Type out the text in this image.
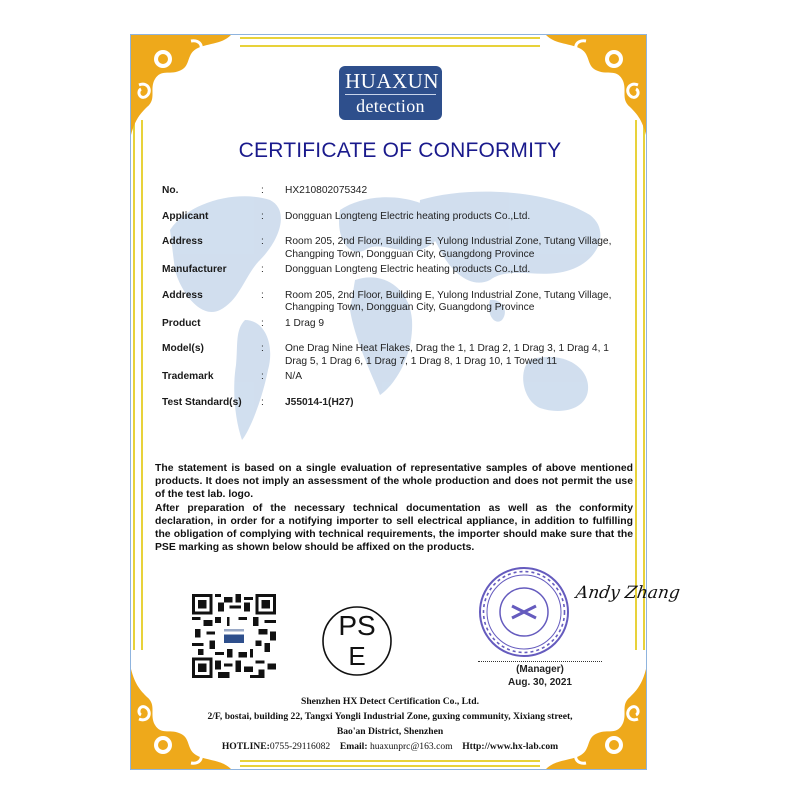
HUAXUN
detection
CERTIFICATE OF CONFORMITY
No.	:	HX210802075342
Applicant	:	Dongguan Longteng Electric heating products Co.,Ltd.
Address	:	Room 205, 2nd Floor, Building E, Yulong Industrial Zone, Tutang Village, Changping Town, Dongguan City, Guangdong Province
Manufacturer	:	Dongguan Longteng Electric heating products Co.,Ltd.
Address	:	Room 205, 2nd Floor, Building E, Yulong Industrial Zone, Tutang Village, Changping Town, Dongguan City, Guangdong Province
Product	:	1 Drag 9
Model(s)	:	One Drag Nine Heat Flakes, Drag the 1, 1 Drag 2, 1 Drag 3, 1 Drag 4, 1 Drag 5, 1 Drag 6, 1 Drag 7, 1 Drag 8, 1 Drag 10, 1 Towed 11
Trademark	:	N/A
Test Standard(s)	:	J55014-1(H27)

The statement is based on a single evaluation of representative samples of above mentioned products. It does not imply an assessment of the whole production and does not permit the use of the test lab. logo.

After preparation of the necessary technical documentation as well as the conformity declaration, in order for a notifying importer to sell electrical appliance, in addition to fulfilling the obligation of complying with technical requirements, the importer should make sure that the PSE marking as shown below should be affixed on the products.

PS
E
Andy Zhang
(Manager)
Aug. 30, 2021
Shenzhen HX Detect Certification Co., Ltd.
2/F, bostai, building 22, Tangxi Yongli Industrial Zone, guxing community, Xixiang street,
Bao'an District, Shenzhen
HOTLINE:0755-29116082 Email: huaxunprc@163.com Http://www.hx-lab.com
